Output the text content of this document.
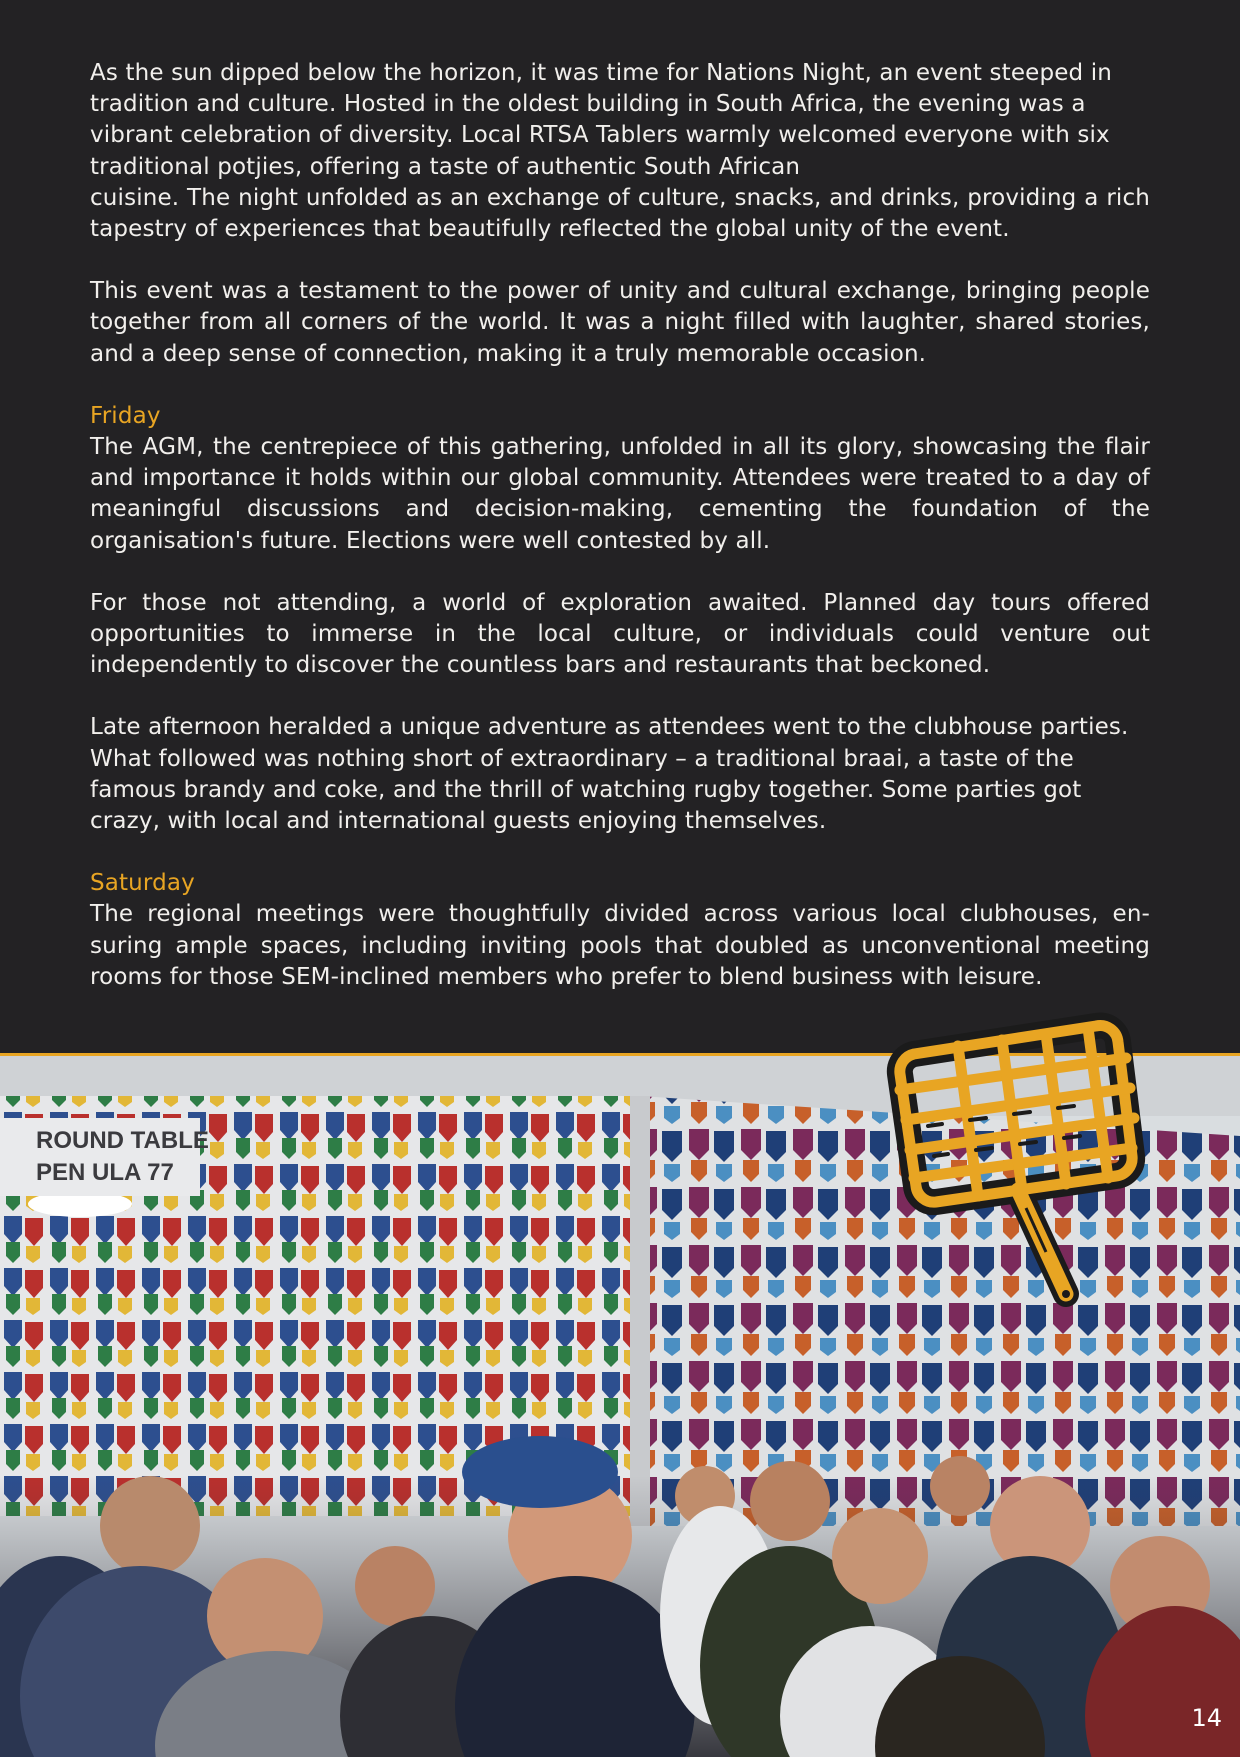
As the sun dipped below the horizon, it was time for Nations Night, an event steeped in tradition and culture. Hosted in the oldest building in South Africa, the evening was a vibrant celebration of diversity. Local RTSA Tablers warmly welcomed everyone with six traditional potjies, offering a taste of authentic South African

cuisine. The night unfolded as an exchange of culture, snacks, and drinks, providing a rich tapestry of experiences that beautifully reflected the global unity of the event.

This event was a testament to the power of unity and cultural exchange, bringing people together from all corners of the world. It was a night filled with laughter, shared stories, and a deep sense of connection, making it a truly memorable occasion.

Friday

The AGM, the centrepiece of this gathering, unfolded in all its glory, showcasing the flair and importance it holds within our global community. Attendees were treated to a day of meaningful discussions and decision-making, cementing the foundation of the organisation's future. Elections were well contested by all.

For those not attending, a world of exploration awaited. Planned day tours offered opportunities to immerse in the local culture, or individuals could venture out independently to discover the countless bars and restaurants that beckoned.

Late afternoon heralded a unique adventure as attendees went to the clubhouse parties. What followed was nothing short of extraordinary – a traditional braai, a taste of the famous brandy and coke, and the thrill of watching rugby together. Some parties got crazy, with local and international guests enjoying themselves.

Saturday

The regional meetings were thoughtfully divided across various local clubhouses, en-suring ample spaces, including inviting pools that doubled as unconventional meeting rooms for those SEM-inclined members who prefer to blend business with leisure.

ROUND TABLE
PEN ULA 77
14
